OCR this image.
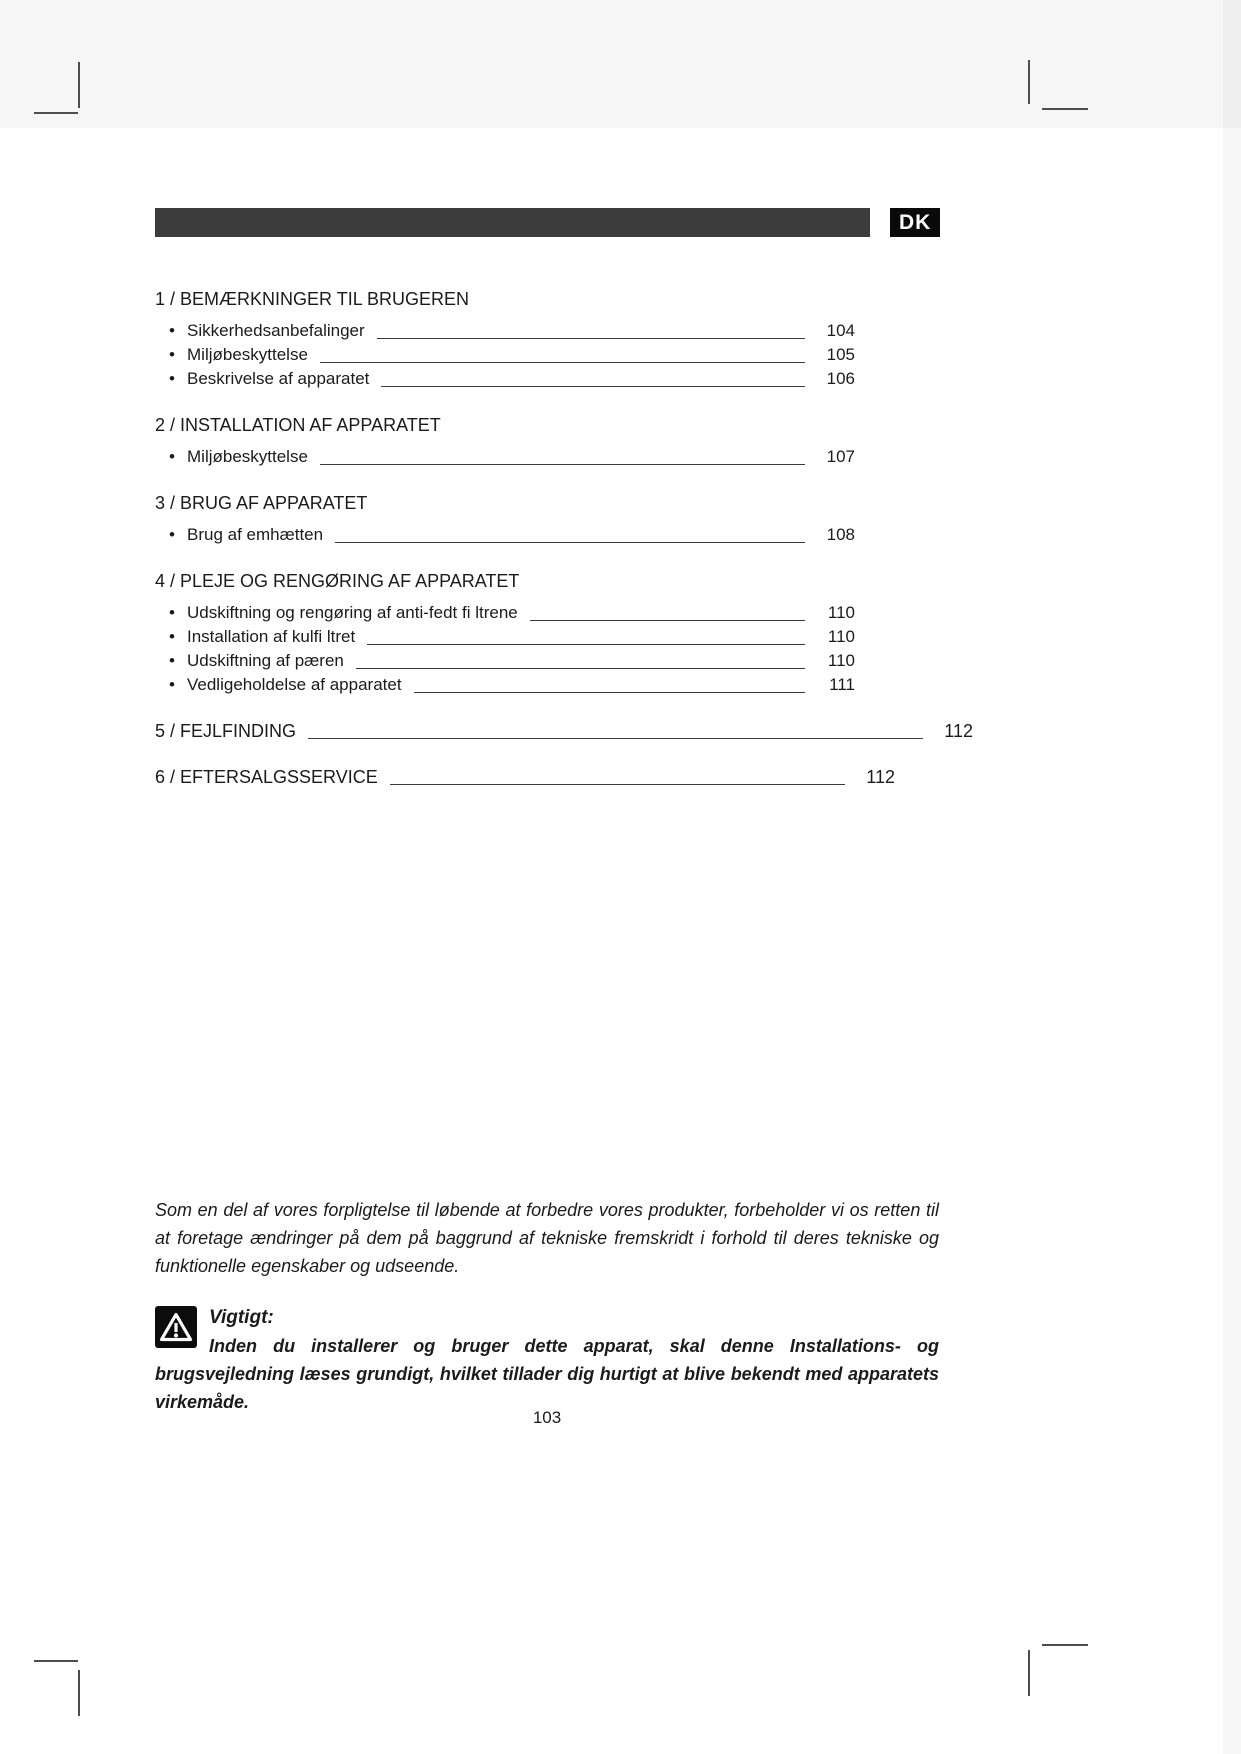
DK
1 / BEMÆRKNINGER TIL BRUGEREN
• Sikkerhedsanbefalinger	104
• Miljøbeskyttelse	105
• Beskrivelse af apparatet	106
2 / INSTALLATION AF APPARATET
• Miljøbeskyttelse	107
3 / BRUG AF APPARATET
• Brug af emhætten	108
4 / PLEJE OG RENGØRING AF APPARATET
• Udskiftning og rengøring af anti-fedt fi ltrene	110
• Installation af kulfi ltret	110
• Udskiftning af pæren	110
• Vedligeholdelse af apparatet	111
5 / FEJLFINDING	112
6 / EFTERSALGSSERVICE	112
Som en del af vores forpligtelse til løbende at forbedre vores produkter, forbeholder vi os retten til at foretage ændringer på dem på baggrund af tekniske fremskridt i forhold til deres tekniske og funktionelle egenskaber og udseende.
Vigtigt:
Inden du installerer og bruger dette apparat, skal denne Installations- og brugsvejledning læses grundigt, hvilket tillader dig hurtigt at blive bekendt med apparatets virkemåde.
103
